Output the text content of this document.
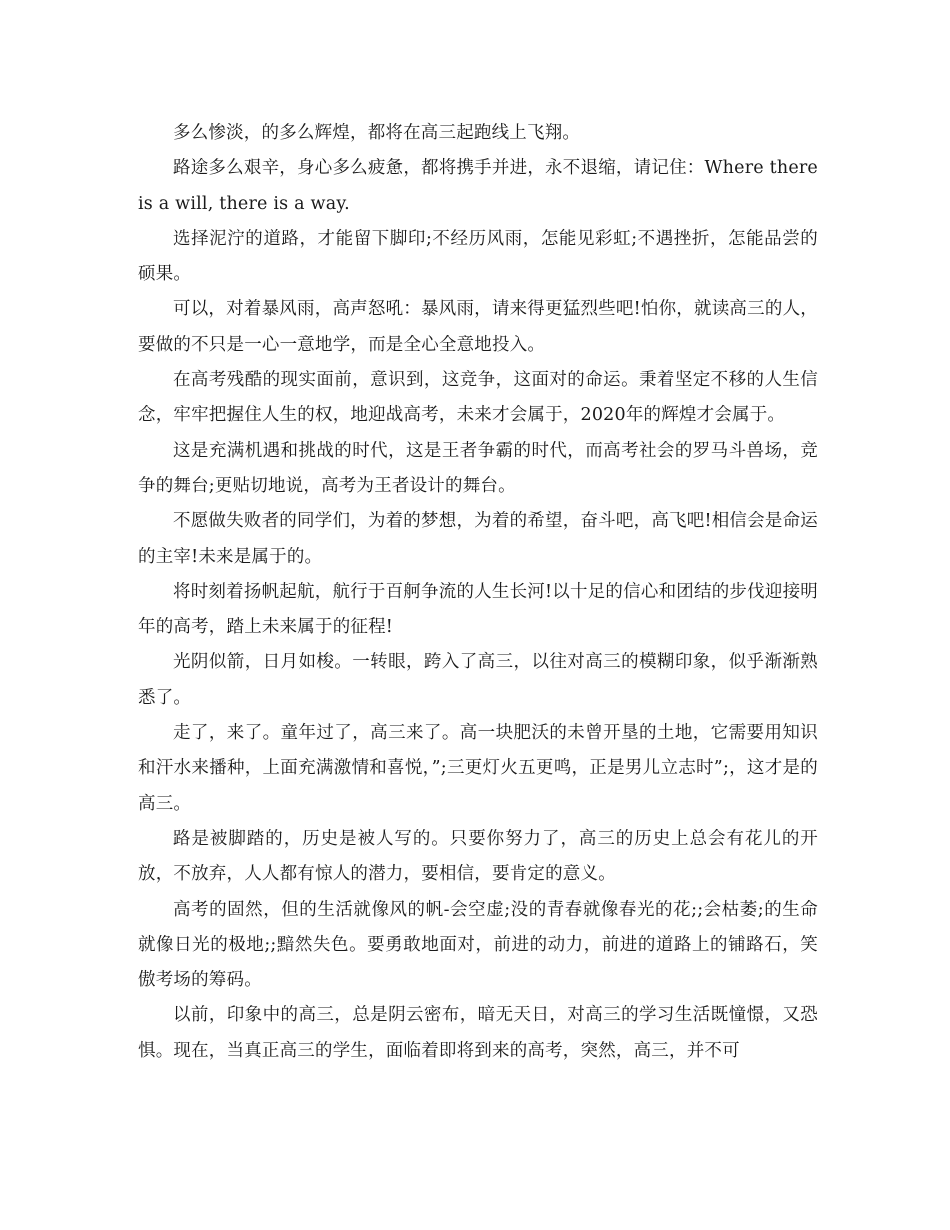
多么惨淡，的多么辉煌，都将在高三起跑线上飞翔。

路途多么艰辛，身心多么疲惫，都将携手并进，永不退缩，请记住：Where there is a will, there is a way.

选择泥泞的道路，才能留下脚印;不经历风雨，怎能见彩虹;不遇挫折，怎能品尝的硕果。

可以，对着暴风雨，高声怒吼：暴风雨，请来得更猛烈些吧!怕你，就读高三的人，要做的不只是一心一意地学，而是全心全意地投入。

在高考残酷的现实面前，意识到，这竞争，这面对的命运。秉着坚定不移的人生信念，牢牢把握住人生的权，地迎战高考，未来才会属于，2020年的辉煌才会属于。

这是充满机遇和挑战的时代，这是王者争霸的时代，而高考社会的罗马斗兽场，竞争的舞台;更贴切地说，高考为王者设计的舞台。

不愿做失败者的同学们，为着的梦想，为着的希望，奋斗吧，高飞吧!相信会是命运的主宰!未来是属于的。

将时刻着扬帆起航，航行于百舸争流的人生长河!以十足的信心和团结的步伐迎接明年的高考，踏上未来属于的征程!

光阴似箭，日月如梭。一转眼，跨入了高三，以往对高三的模糊印象，似乎渐渐熟悉了。

走了，来了。童年过了，高三来了。高一块肥沃的未曾开垦的土地，它需要用知识和汗水来播种，上面充满激情和喜悦，”;三更灯火五更鸣，正是男儿立志时”;，这才是的高三。

路是被脚踏的，历史是被人写的。只要你努力了，高三的历史上总会有花儿的开放，不放弃，人人都有惊人的潜力，要相信，要肯定的意义。

高考的固然，但的生活就像风的帆-会空虚;没的青春就像春光的花;;会枯萎;的生命就像日光的极地;;黯然失色。要勇敢地面对，前进的动力，前进的道路上的铺路石，笑傲考场的筹码。

以前，印象中的高三，总是阴云密布，暗无天日，对高三的学习生活既憧憬，又恐惧。现在，当真正高三的学生，面临着即将到来的高考，突然，高三，并不可
